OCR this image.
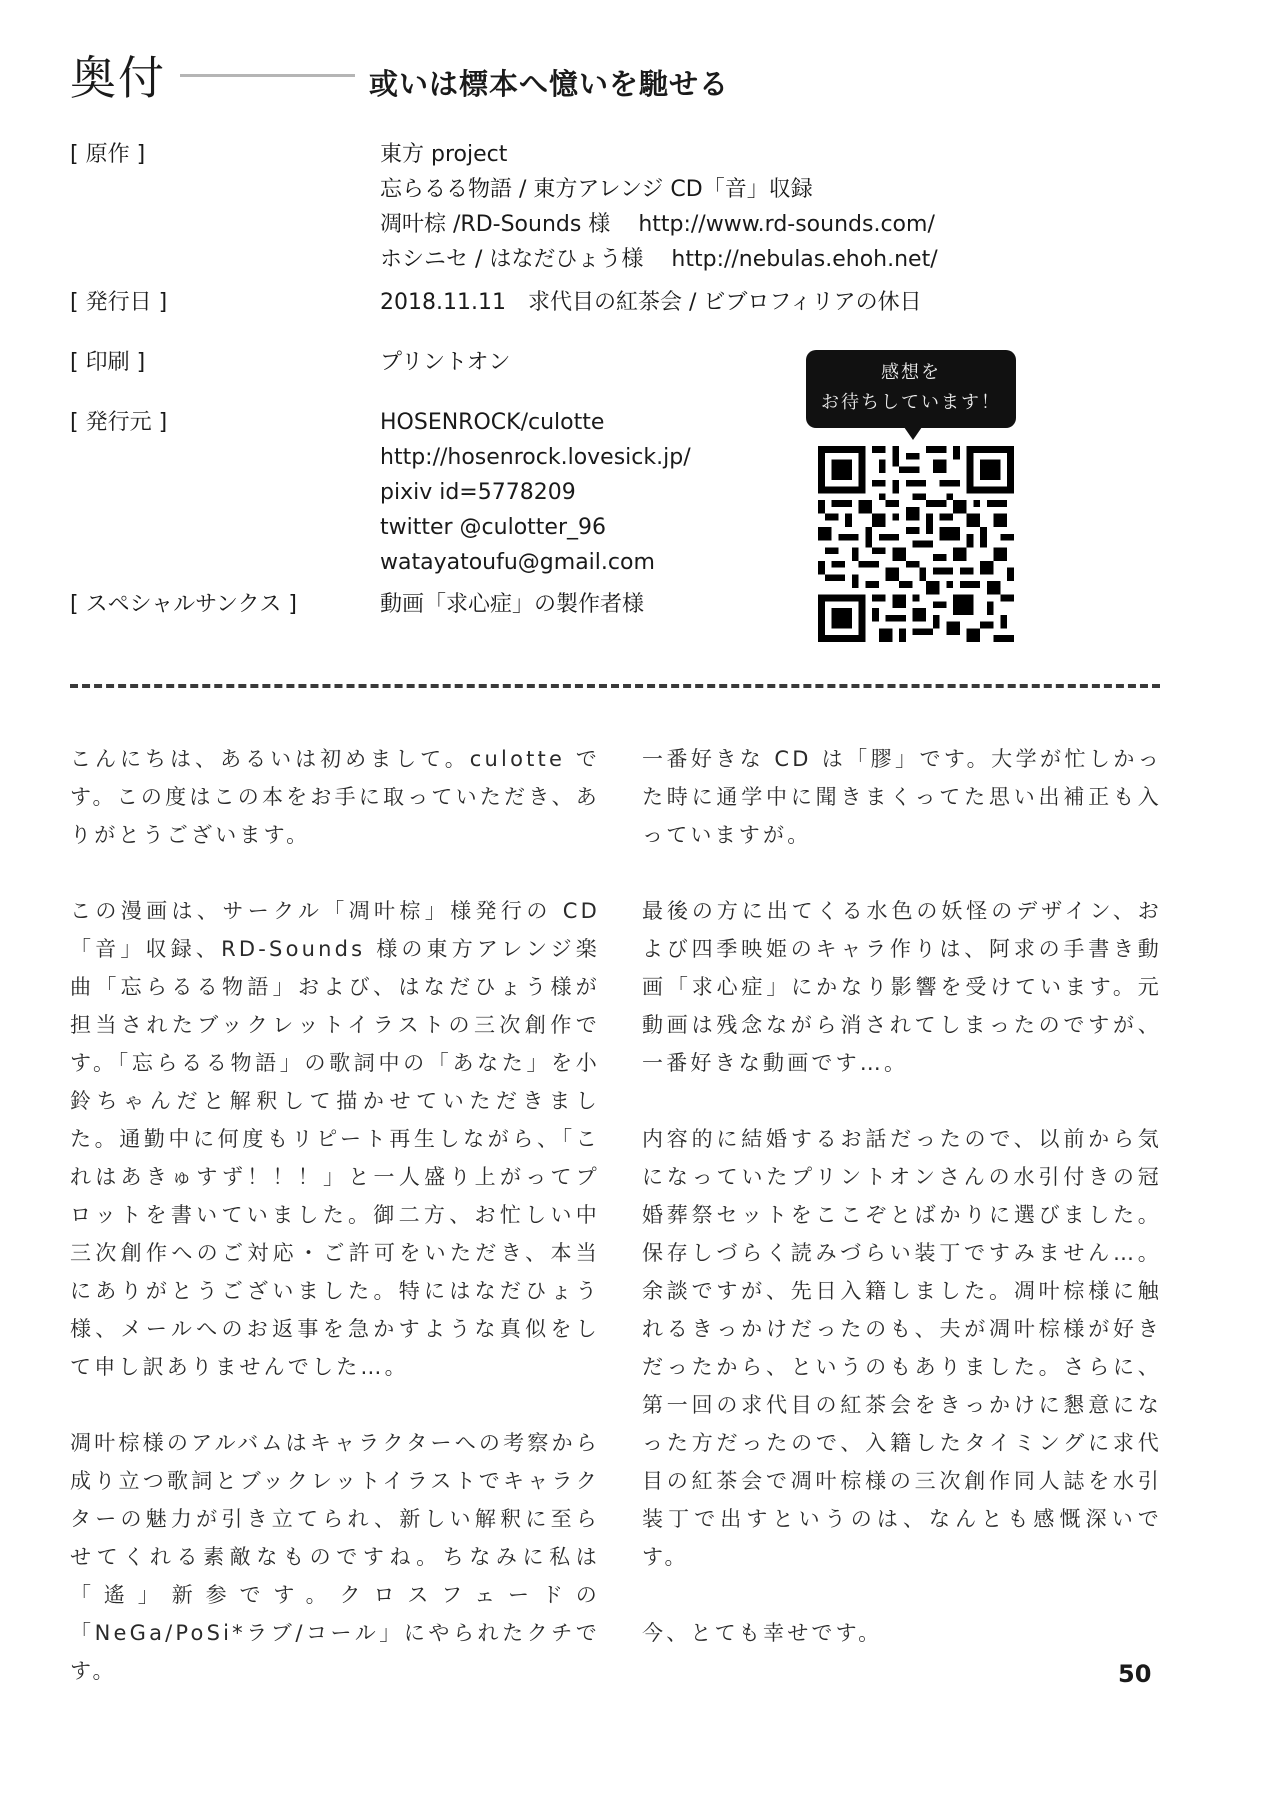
奥付	或いは標本へ憶いを馳せる
[ 原作 ]	東方 project
忘らるる物語 / 東方アレンジ CD「音」収録
凋叶棕 /RD-Sounds 様 http://www.rd-sounds.com/
ホシニセ / はなだひょう様 http://nebulas.ehoh.net/
[ 発行日 ]	2018.11.11　求代目の紅茶会 / ビブロフィリアの休日
[ 印刷 ]	プリントオン
[ 発行元 ]	HOSENROCK/culotte
http://hosenrock.lovesick.jp/
pixiv id=5778209
twitter @culotter_96
watayatoufu@gmail.com
[ スペシャルサンクス ]	動画「求心症」の製作者様
感想を
お待ちしています！

こんにちは、あるいは初めまして。culotte です。この度はこの本をお手に取っていただき、ありがとうございます。

この漫画は、サークル「凋叶棕」様発行の CD「音」収録、RD-Sounds 様の東方アレンジ楽曲「忘らるる物語」および、はなだひょう様が担当されたブックレットイラストの三次創作です。「忘らるる物語」の歌詞中の「あなた」を小鈴ちゃんだと解釈して描かせていただきました。通勤中に何度もリピート再生しながら、「これはあきゅすず！！！」と一人盛り上がってプロットを書いていました。御二方、お忙しい中三次創作へのご対応・ご許可をいただき、本当にありがとうございました。特にはなだひょう様、メールへのお返事を急かすような真似をして申し訳ありませんでした…。

凋叶棕様のアルバムはキャラクターへの考察から成り立つ歌詞とブックレットイラストでキャラクターの魅力が引き立てられ、新しい解釈に至らせてくれる素敵なものですね。ちなみに私は「遙」新参です。クロスフェードの「NeGa/PoSi*ラブ/コール」にやられたクチです。

一番好きな CD は「膠」です。大学が忙しかった時に通学中に聞きまくってた思い出補正も入っていますが。

最後の方に出てくる水色の妖怪のデザイン、および四季映姫のキャラ作りは、阿求の手書き動画「求心症」にかなり影響を受けています。元動画は残念ながら消されてしまったのですが、一番好きな動画です…。

内容的に結婚するお話だったので、以前から気になっていたプリントオンさんの水引付きの冠婚葬祭セットをここぞとばかりに選びました。保存しづらく読みづらい装丁ですみません…。余談ですが、先日入籍しました。凋叶棕様に触れるきっかけだったのも、夫が凋叶棕様が好きだったから、というのもありました。さらに、第一回の求代目の紅茶会をきっかけに懇意になった方だったので、入籍したタイミングに求代目の紅茶会で凋叶棕様の三次創作同人誌を水引装丁で出すというのは、なんとも感慨深いです。

今、とても幸せです。

50
